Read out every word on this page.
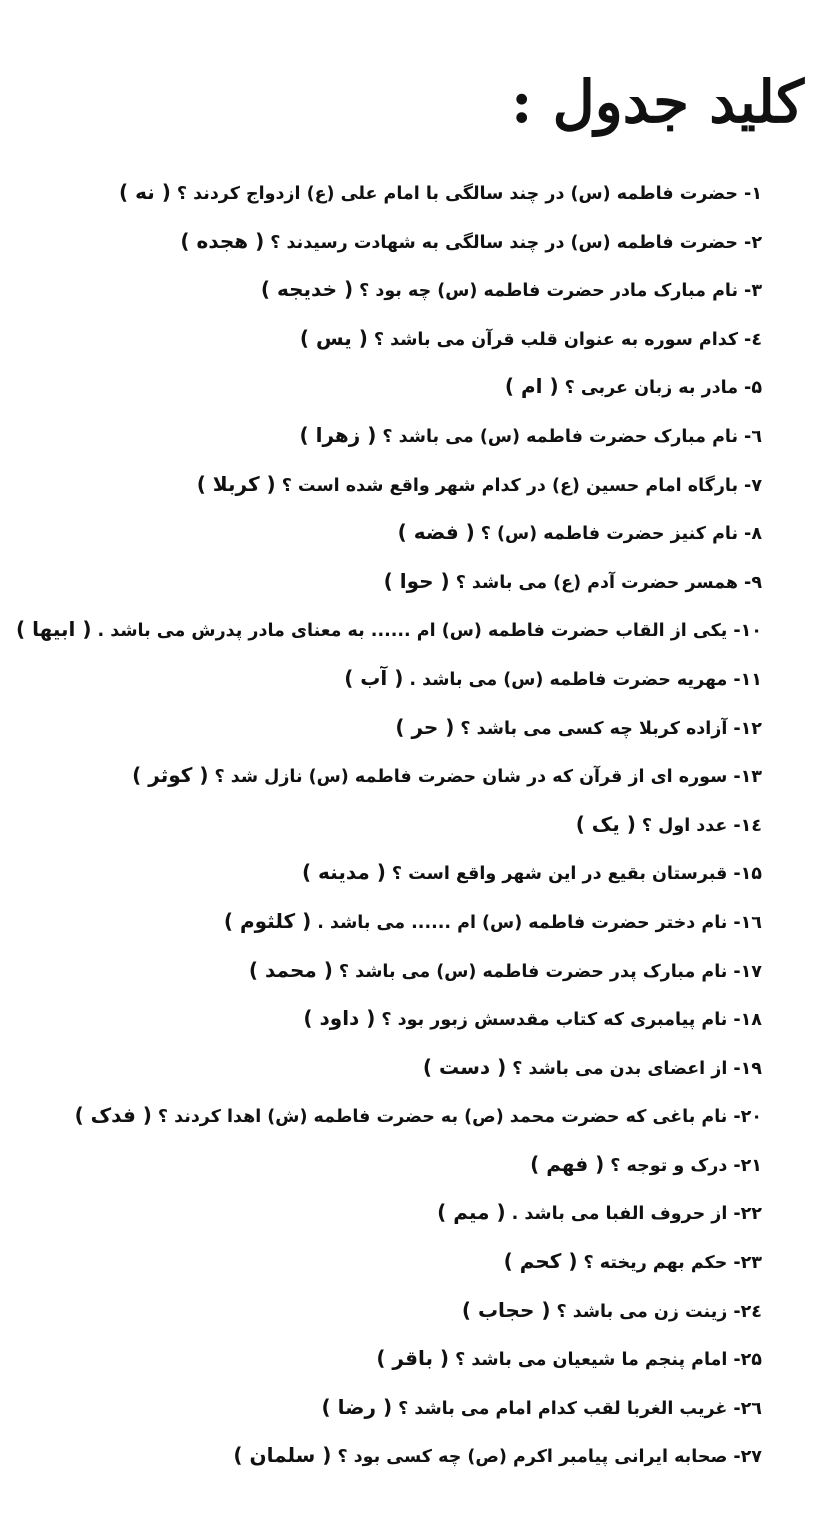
کلید جدول :
۱-حضرت فاطمه (س) در چند سالگی با امام علی (ع) ازدواج کردند ؟( نه )
۲-حضرت فاطمه (س) در چند سالگی به شهادت رسیدند ؟( هجده )
۳-نام مبارک مادر حضرت فاطمه (س) چه بود ؟( خدیجه )
٤-کدام سوره به عنوان قلب قرآن می باشد ؟( یس )
۵-مادر به زبان عربی ؟( ام )
٦-نام مبارک حضرت فاطمه (س) می باشد ؟( زهرا )
۷-بارگاه امام حسین (ع) در کدام شهر واقع شده است ؟( کربلا )
۸-نام کنیز حضرت فاطمه (س) ؟( فضه )
۹-همسر حضرت آدم (ع) می باشد ؟( حوا )
۱۰-یکی از القاب حضرت فاطمه (س) ام ...... به معنای مادر پدرش می باشد .( ابیها )
۱۱-مهریه حضرت فاطمه (س) می باشد .( آب )
۱۲-آزاده کربلا چه کسی می باشد ؟( حر )
۱۳-سوره ای از قرآن که در شان حضرت فاطمه (س) نازل شد ؟( کوثر )
١٤-عدد اول ؟( یک )
۱۵-قبرستان بقیع در این شهر واقع است ؟( مدینه )
١٦-نام دختر حضرت فاطمه (س) ام ...... می باشد .( کلثوم )
۱۷-نام مبارک پدر حضرت فاطمه (س) می باشد ؟( محمد )
۱۸-نام پیامبری که کتاب مقدسش زبور بود ؟( داود )
۱۹-از اعضای بدن می باشد ؟( دست )
۲۰-نام باغی که حضرت محمد (ص) به حضرت فاطمه (ش) اهدا کردند ؟( فدک )
۲۱-درک و توجه ؟( فهم )
۲۲-از حروف الفبا می باشد .( میم )
۲۳-حکم بهم ریخته ؟( کحم )
٢٤-زینت زن می باشد ؟( حجاب )
۲۵-امام پنجم ما شیعیان می باشد ؟( باقر )
٢٦-غریب الغربا لقب کدام امام می باشد ؟( رضا )
۲۷-صحابه ایرانی پیامبر اکرم (ص) چه کسی بود ؟( سلمان )
